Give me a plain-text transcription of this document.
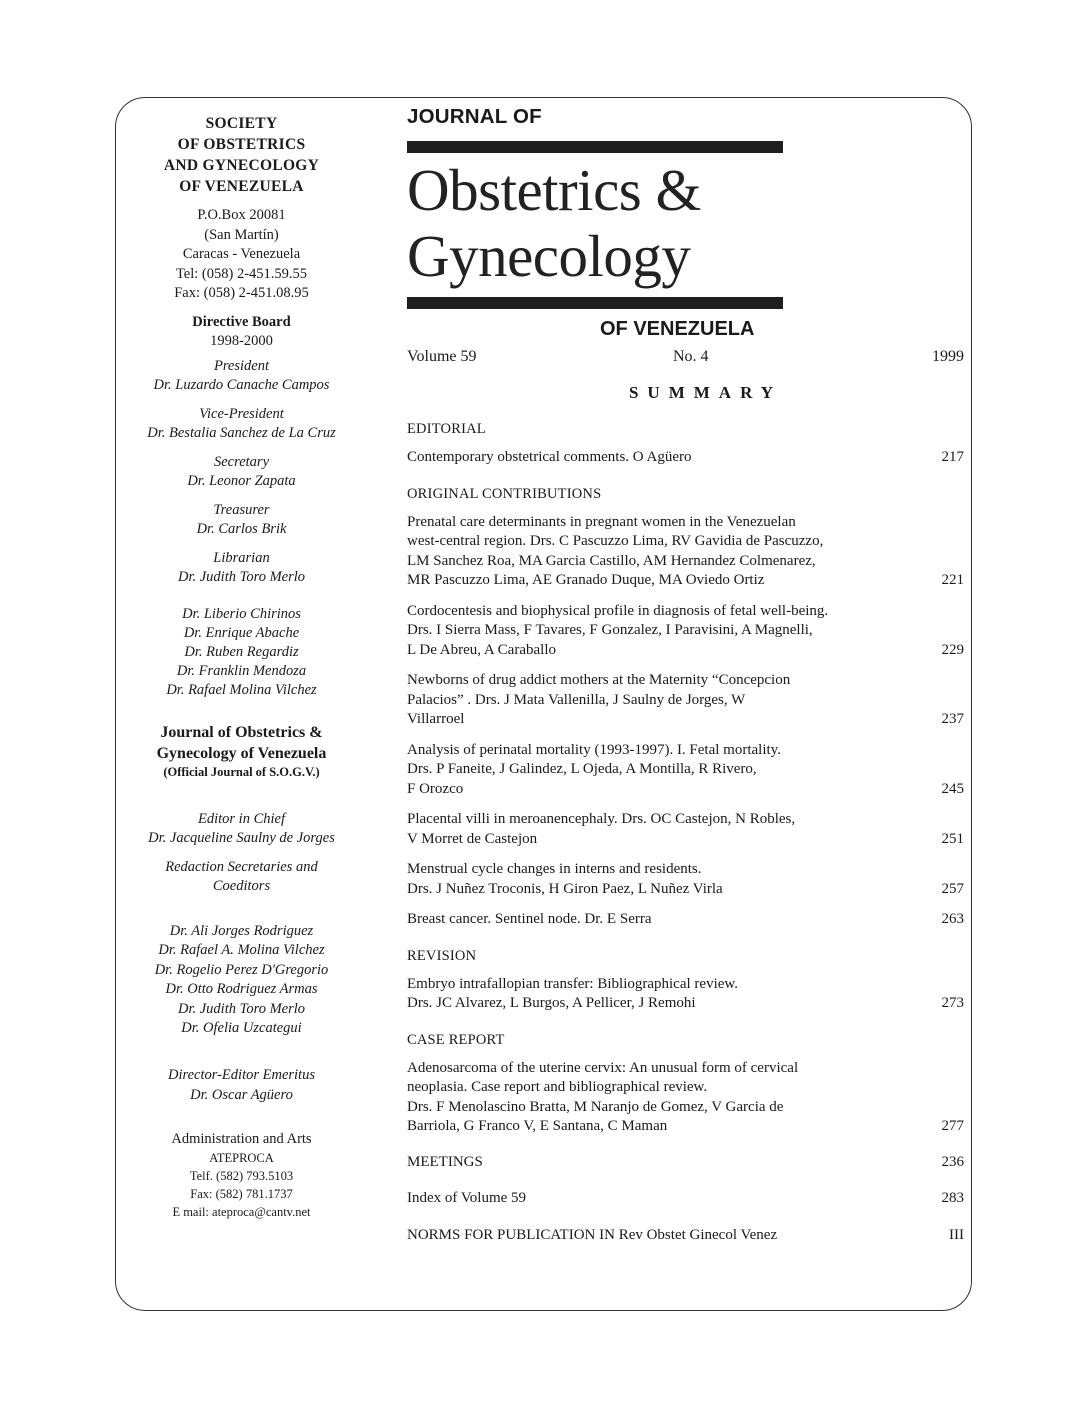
SOCIETY
OF OBSTETRICS
AND GYNECOLOGY
OF VENEZUELA
P.O.Box 20081
(San Martín)
Caracas - Venezuela
Tel: (058) 2-451.59.55
Fax: (058) 2-451.08.95
Directive Board
1998-2000
President
Dr. Luzardo Canache Campos
Vice-President
Dr. Bestalia Sanchez de La Cruz
Secretary
Dr. Leonor Zapata
Treasurer
Dr. Carlos Brik
Librarian
Dr. Judith Toro Merlo
Dr. Liberio Chirinos
Dr. Enrique Abache
Dr. Ruben Regardiz
Dr. Franklin Mendoza
Dr. Rafael Molina Vilchez
Journal of Obstetrics &
Gynecology of Venezuela
(Official Journal of S.O.G.V.)
Editor in Chief
Dr. Jacqueline Saulny de Jorges
Redaction Secretaries and
Coeditors
Dr. Ali Jorges Rodriguez
Dr. Rafael A. Molina Vilchez
Dr. Rogelio Perez D'Gregorio
Dr. Otto Rodriguez Armas
Dr. Judith Toro Merlo
Dr. Ofelia Uzcategui
Director-Editor Emeritus
Dr. Oscar Agüero
Administration and Arts
ATEPROCA
Telf. (582) 793.5103
Fax: (582) 781.1737
E mail: ateproca@cantv.net
JOURNAL OF
Obstetrics &
Gynecology
OF VENEZUELA
Volume 59	No. 4	1999
SUMMARY
EDITORIAL
Contemporary obstetrical comments. O Agüero	217
ORIGINAL CONTRIBUTIONS
Prenatal care determinants in pregnant women in the Venezuelan
west-central region. Drs. C Pascuzzo Lima, RV Gavidia de Pascuzzo,
LM Sanchez Roa, MA Garcia Castillo, AM Hernandez Colmenarez,
MR Pascuzzo Lima, AE Granado Duque, MA Oviedo Ortiz	221
Cordocentesis and biophysical profile in diagnosis of fetal well-being.
Drs. I Sierra Mass, F Tavares, F Gonzalez, I Paravisini, A Magnelli,
L De Abreu, A Caraballo	229
Newborns of drug addict mothers at the Maternity “Concepcion
Palacios” . Drs. J Mata Vallenilla, J Saulny de Jorges, W
Villarroel	237
Analysis of perinatal mortality (1993-1997). I. Fetal mortality.
Drs. P Faneite, J Galindez, L Ojeda, A Montilla, R Rivero,
F Orozco	245
Placental villi in meroanencephaly. Drs. OC Castejon, N Robles,
V Morret de Castejon	251
Menstrual cycle changes in interns and residents.
Drs. J Nuñez Troconis, H Giron Paez, L Nuñez Virla	257
Breast cancer. Sentinel node. Dr. E Serra	263
REVISION
Embryo intrafallopian transfer: Bibliographical review.
Drs. JC Alvarez, L Burgos, A Pellicer, J Remohi	273
CASE REPORT
Adenosarcoma of the uterine cervix: An unusual form of cervical
neoplasia. Case report and bibliographical review.
Drs. F Menolascino Bratta, M Naranjo de Gomez, V Garcia de
Barriola, G Franco V, E Santana, C Maman	277
MEETINGS	236
Index of Volume 59	283
NORMS FOR PUBLICATION IN Rev Obstet Ginecol Venez	III
